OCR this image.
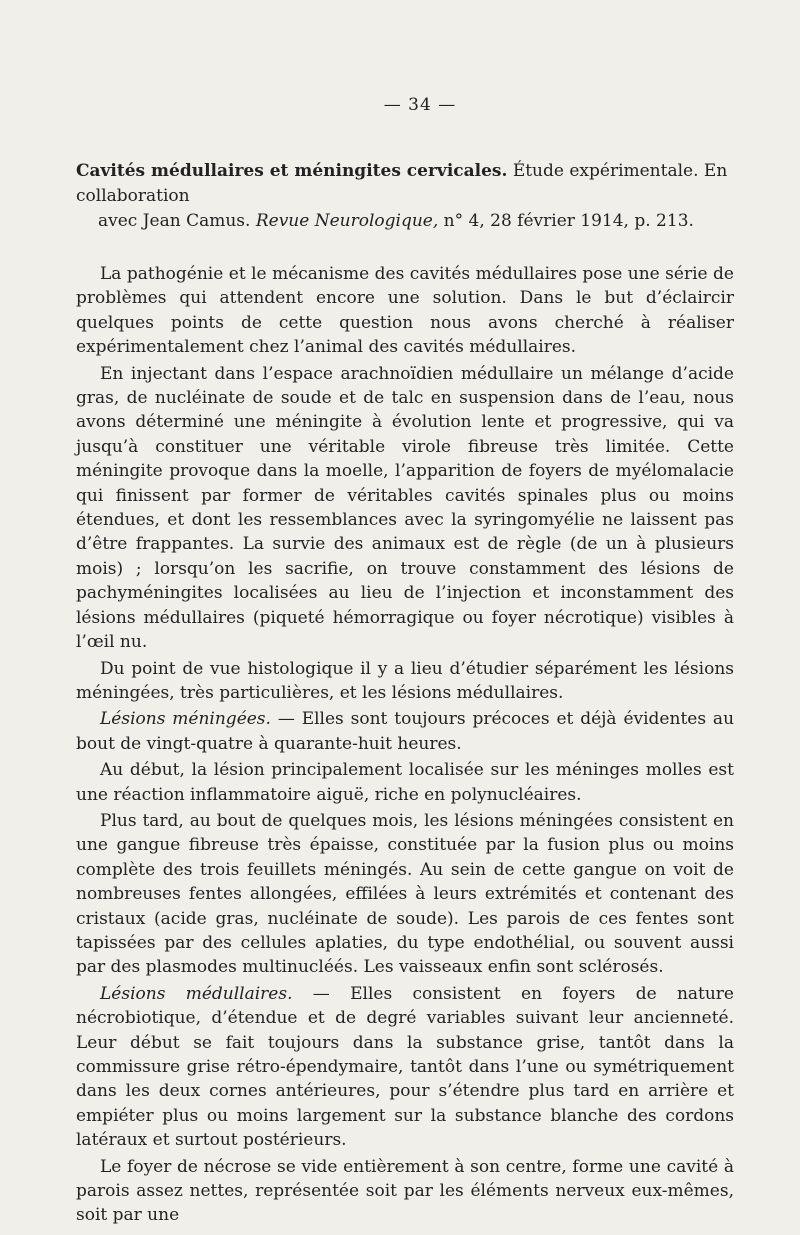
— 34 —
Cavités médullaires et méningites cervicales. Étude expérimentale. En collaboration
avec Jean Camus. Revue Neurologique, n° 4, 28 février 1914, p. 213.

La pathogénie et le mécanisme des cavités médullaires pose une série de problèmes qui attendent encore une solution. Dans le but d’éclaircir quelques points de cette question nous avons cherché à réaliser expérimentalement chez l’animal des cavités médullaires.

En injectant dans l’espace arachnoïdien médullaire un mélange d’acide gras, de nucléinate de soude et de talc en suspension dans de l’eau, nous avons déterminé une méningite à évolution lente et progressive, qui va jusqu’à constituer une véritable virole fibreuse très limitée. Cette méningite provoque dans la moelle, l’apparition de foyers de myélomalacie qui finissent par former de véritables cavités spinales plus ou moins étendues, et dont les ressemblances avec la syringomyélie ne laissent pas d’être frappantes. La survie des animaux est de règle (de un à plusieurs mois) ; lorsqu’on les sacrifie, on trouve constamment des lésions de pachyméningites localisées au lieu de l’injection et inconstamment des lésions médullaires (piqueté hémorragique ou foyer nécrotique) visibles à l’œil nu.

Du point de vue histologique il y a lieu d’étudier séparément les lésions méningées, très particulières, et les lésions médullaires.

Lésions méningées. — Elles sont toujours précoces et déjà évidentes au bout de vingt-quatre à quarante-huit heures.

Au début, la lésion principalement localisée sur les méninges molles est une réaction inflammatoire aiguë, riche en polynucléaires.

Plus tard, au bout de quelques mois, les lésions méningées consistent en une gangue fibreuse très épaisse, constituée par la fusion plus ou moins complète des trois feuillets méningés. Au sein de cette gangue on voit de nombreuses fentes allongées, effilées à leurs extrémités et contenant des cristaux (acide gras, nucléinate de soude). Les parois de ces fentes sont tapissées par des cellules aplaties, du type endothélial, ou souvent aussi par des plasmodes multinucléés. Les vaisseaux enfin sont sclérosés.

Lésions médullaires. — Elles consistent en foyers de nature nécrobiotique, d’étendue et de degré variables suivant leur ancienneté. Leur début se fait toujours dans la substance grise, tantôt dans la commissure grise rétro-épendymaire, tantôt dans l’une ou symétriquement dans les deux cornes antérieures, pour s’étendre plus tard en arrière et empiéter plus ou moins largement sur la substance blanche des cordons latéraux et surtout postérieurs.

Le foyer de nécrose se vide entièrement à son centre, forme une cavité à parois assez nettes, représentée soit par les éléments nerveux eux-mêmes, soit par une
